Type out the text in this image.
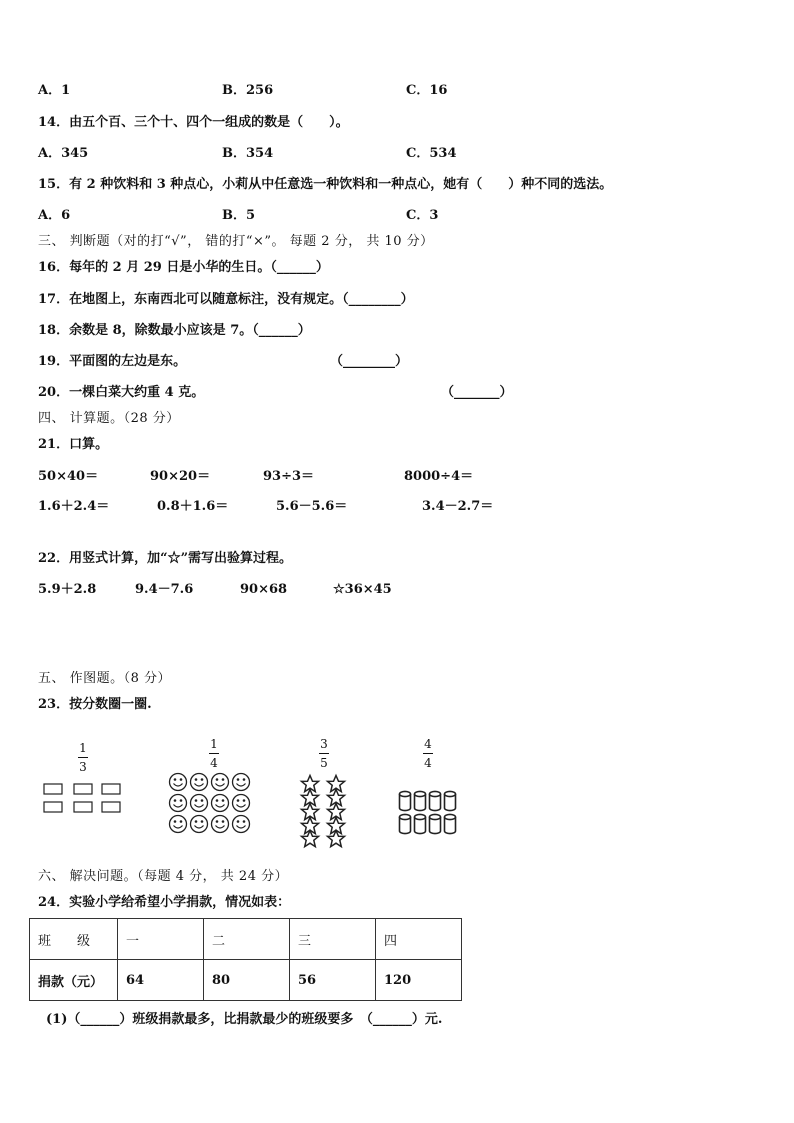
A．1	B．256	C．16
14．由五个百、三个十、四个一组成的数是（　　）。
A．345	B．354	C．534
15．有 2 种饮料和 3 种点心，小莉从中任意选一种饮料和一种点心，她有（　　）种不同的选法。
A．6	B．5	C．3
三、 判断题（对的打“√”， 错的打“×”。 每题 2 分， 共 10 分）
16．每年的 2 月 29 日是小华的生日。（______）
17．在地图上，东南西北可以随意标注，没有规定。（________）
18．余数是 8，除数最小应该是 7。（______）
19．平面图的左边是东。	（________）
20．一棵白菜大约重 4 克。	（_______）
四、 计算题。（28 分）
21．口算。
50×40＝	90×20＝	93÷3＝	8000÷4＝
1.6＋2.4＝	0.8＋1.6＝	5.6－5.6＝	3.4－2.7＝
22．用竖式计算，加“☆”需写出验算过程。
5.9＋2.8	9.4－7.6	90×68	☆36×45
五、 作图题。（8 分）
23．按分数圈一圈.
1
3
1
4
3
5
4
4
六、 解决问题。（每题 4 分， 共 24 分）
24．实验小学给希望小学捐款，情况如表：
班　　级	一	二	三	四
捐款（元）	64	80	56	120
(1)（______）班级捐款最多，比捐款最少的班级要多　（______）元.
